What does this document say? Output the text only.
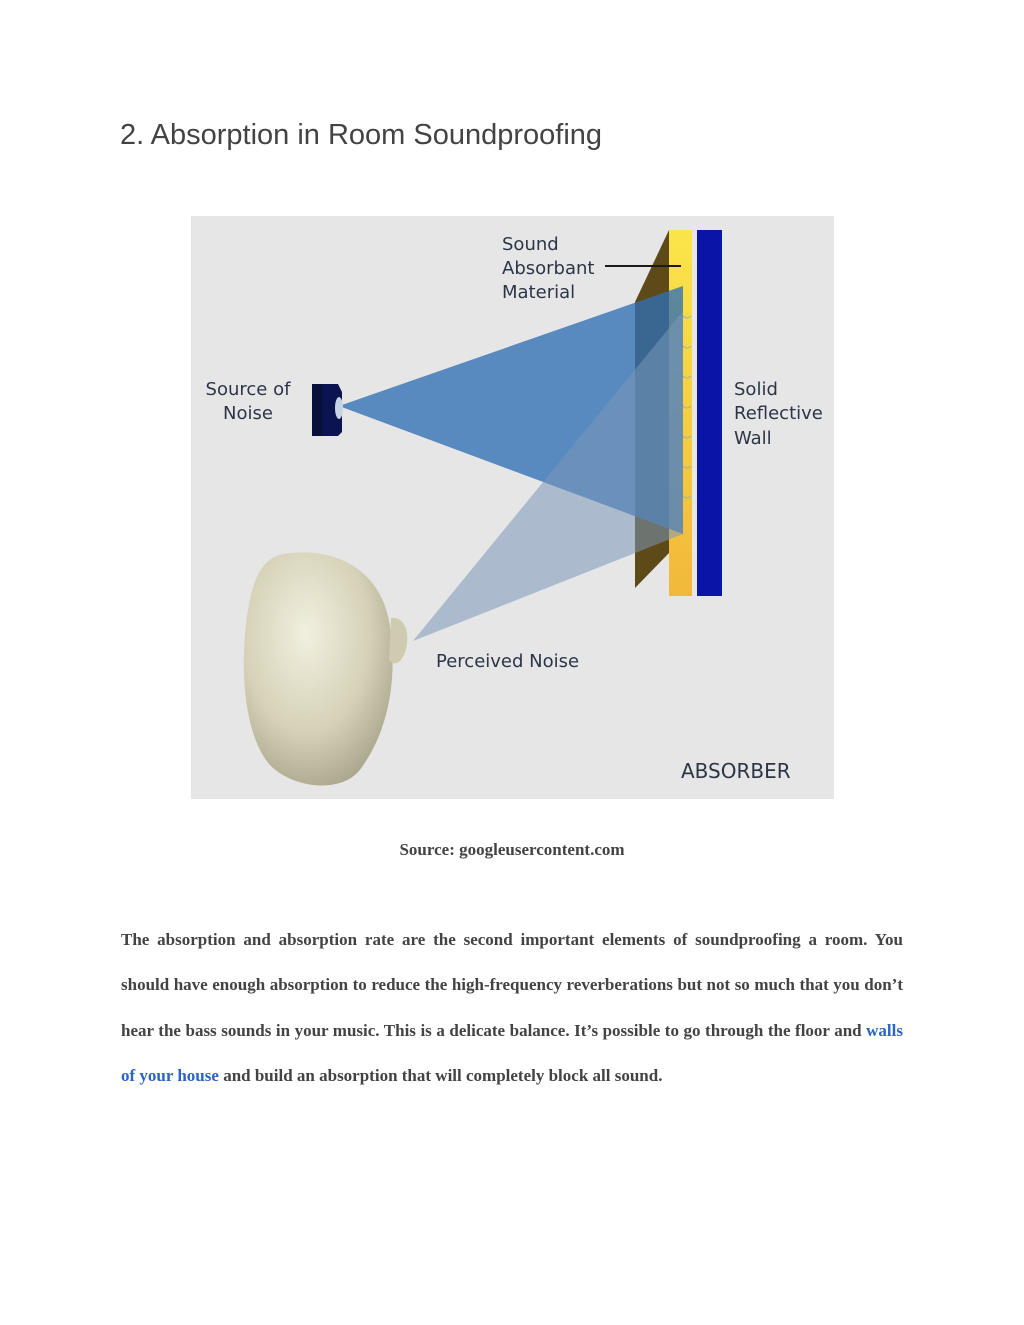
2. Absorption in Room Soundproofing
Sound
Absorbant
Material
Source of
Noise
Solid
Reflective
Wall
Perceived Noise
ABSORBER

Source: googleusercontent.com

The absorption and absorption rate are the second important elements of soundproofing a room. You should have enough absorption to reduce the high-frequency reverberations but not so much that you don’t hear the bass sounds in your music. This is a delicate balance. It’s possible to go through the floor and walls of your house and build an absorption that will completely block all sound.
